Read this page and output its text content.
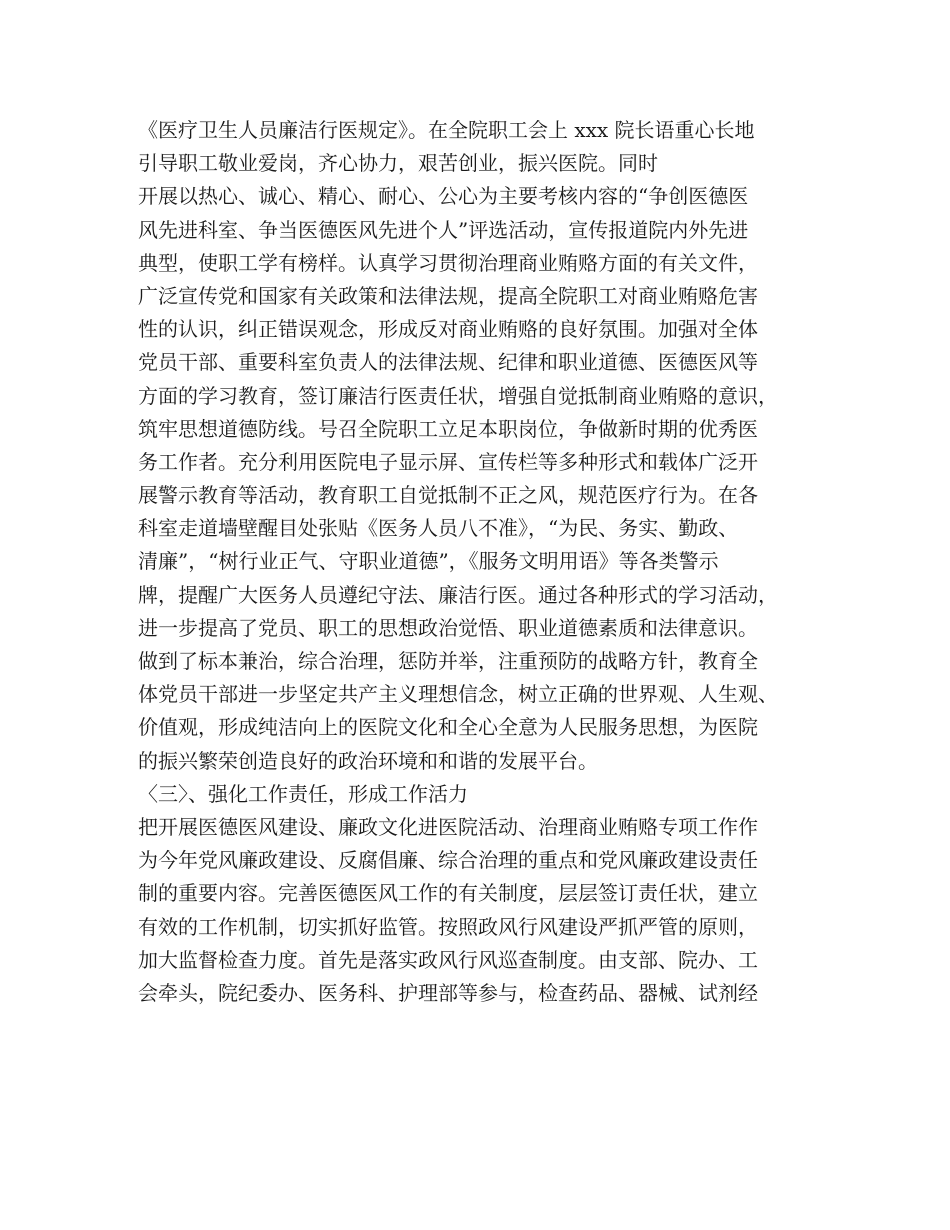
《医疗卫生人员廉洁行医规定》。在全院职工会上 xxx 院长语重心长地
引导职工敬业爱岗，齐心协力，艰苦创业，振兴医院。同时
开展以热心、诚心、精心、耐心、公心为主要考核内容的“争创医德医
风先进科室、争当医德医风先进个人”评选活动，宣传报道院内外先进
典型，使职工学有榜样。认真学习贯彻治理商业贿赂方面的有关文件，
广泛宣传党和国家有关政策和法律法规，提高全院职工对商业贿赂危害
性的认识，纠正错误观念，形成反对商业贿赂的良好氛围。加强对全体
党员干部、重要科室负责人的法律法规、纪律和职业道德、医德医风等
方面的学习教育，签订廉洁行医责任状，增强自觉抵制商业贿赂的意识，
筑牢思想道德防线。号召全院职工立足本职岗位，争做新时期的优秀医
务工作者。充分利用医院电子显示屏、宣传栏等多种形式和载体广泛开
展警示教育等活动，教育职工自觉抵制不正之风，规范医疗行为。在各
科室走道墙壁醒目处张贴《医务人员八不准》，“为民、务实、勤政、
清廉”，“树行业正气、守职业道德”，《服务文明用语》等各类警示
牌，提醒广大医务人员遵纪守法、廉洁行医。通过各种形式的学习活动，
进一步提高了党员、职工的思想政治觉悟、职业道德素质和法律意识。
做到了标本兼治，综合治理，惩防并举，注重预防的战略方针，教育全
体党员干部进一步坚定共产主义理想信念，树立正确的世界观、人生观、
价值观，形成纯洁向上的医院文化和全心全意为人民服务思想，为医院
的振兴繁荣创造良好的政治环境和和谐的发展平台。
〈三〉、强化工作责任，形成工作活力
把开展医德医风建设、廉政文化进医院活动、治理商业贿赂专项工作作
为今年党风廉政建设、反腐倡廉、综合治理的重点和党风廉政建设责任
制的重要内容。完善医德医风工作的有关制度，层层签订责任状，建立
有效的工作机制，切实抓好监管。按照政风行风建设严抓严管的原则，
加大监督检查力度。首先是落实政风行风巡查制度。由支部、院办、工
会牵头，院纪委办、医务科、护理部等参与，检查药品、器械、试剂经
